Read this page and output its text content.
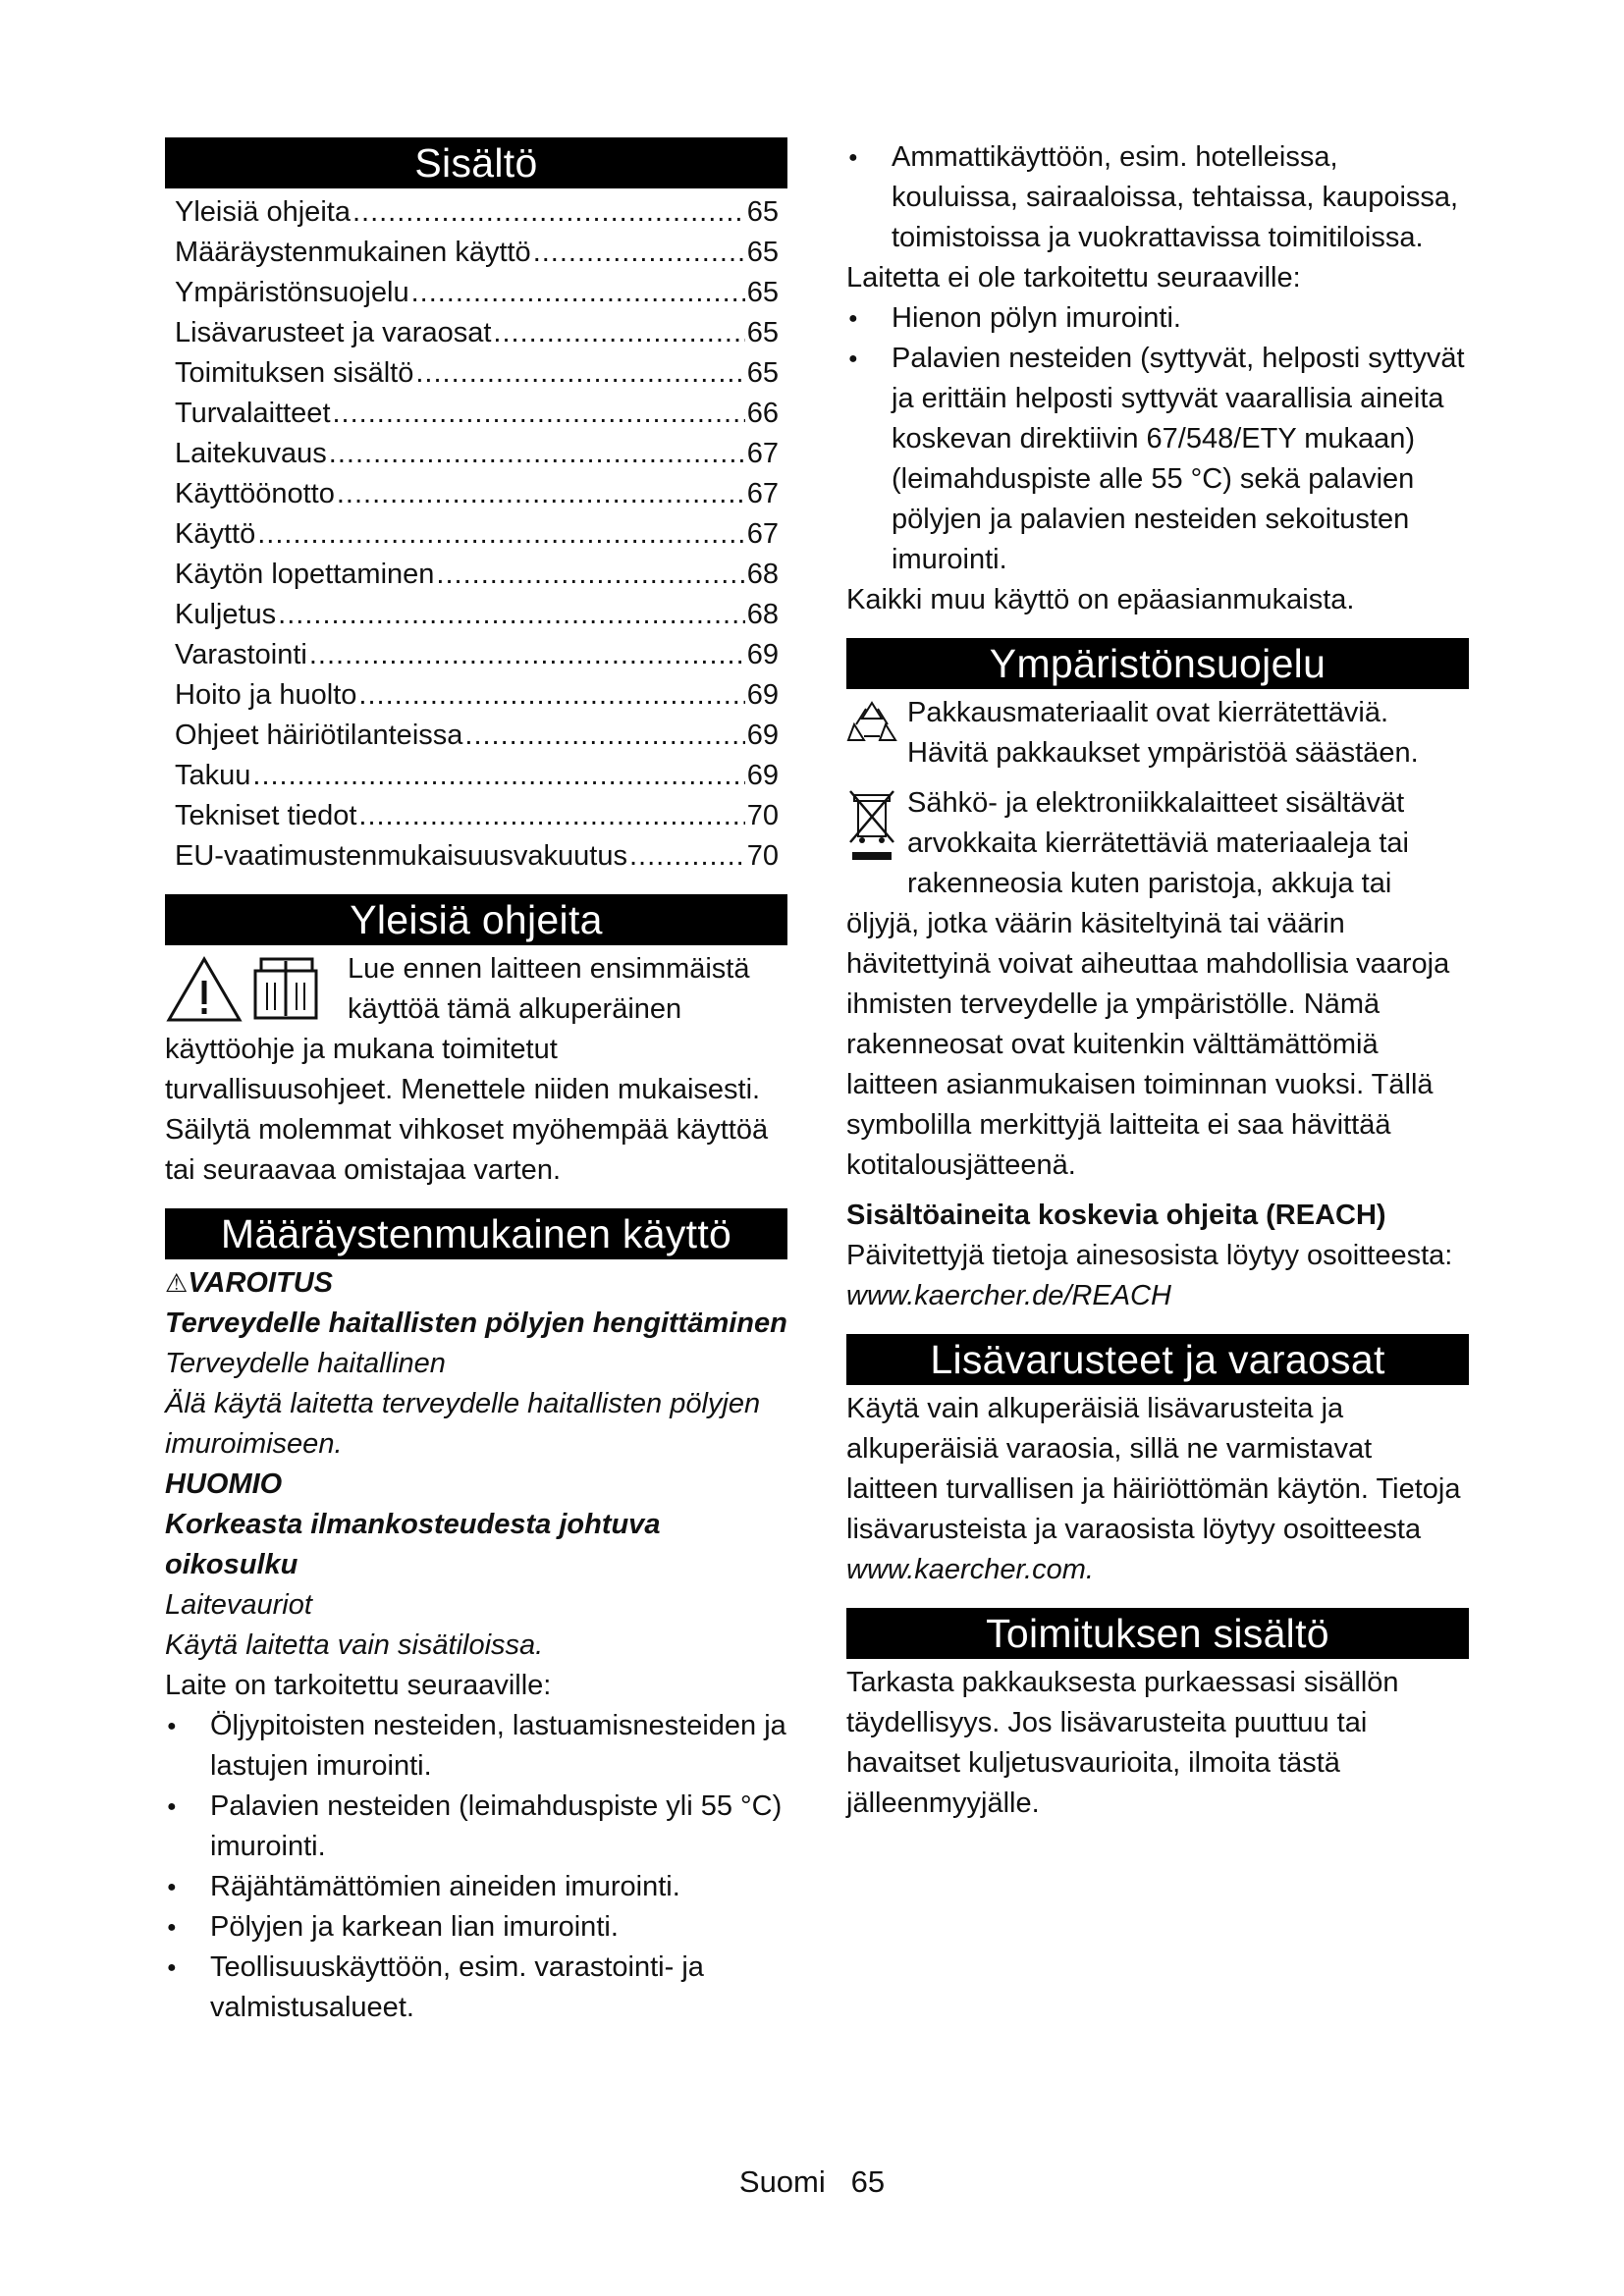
Sisältö
Yleisiä ohjeita .....	65
Määräystenmukainen käyttö .....	65
Ympäristönsuojelu .....	65
Lisävarusteet ja varaosat .....	65
Toimituksen sisältö .....	65
Turvalaitteet .....	66
Laitekuvaus .....	67
Käyttöönotto .....	67
Käyttö .....	67
Käytön lopettaminen .....	68
Kuljetus .....	68
Varastointi .....	69
Hoito ja huolto .....	69
Ohjeet häiriötilanteissa .....	69
Takuu .....	69
Tekniset tiedot .....	70
EU-vaatimustenmukaisuusvakuutus .....	70
Yleisiä ohjeita

Lue ennen laitteen ensimmäistä käyttöä tämä alkuperäinen käyttöohje ja mukana toimitetut turvallisuusohjeet. Menettele niiden mukaisesti. Säilytä molemmat vihkoset myöhempää käyttöä tai seuraavaa omistajaa varten.

Määräystenmukainen käyttö

⚠VAROITUS

Terveydelle haitallisten pölyjen hengittäminen

Terveydelle haitallinen

Älä käytä laitetta terveydelle haitallisten pölyjen imuroimiseen.

HUOMIO

Korkeasta ilmankosteudesta johtuva oikosulku

Laitevauriot

Käytä laitetta vain sisätiloissa.

Laite on tarkoitettu seuraaville:

● Öljypitoisten nesteiden, lastuamisnesteiden ja lastujen imurointi.
● Palavien nesteiden (leimahduspiste yli 55 °C) imurointi.
● Räjähtämättömien aineiden imurointi.
● Pölyjen ja karkean lian imurointi.
● Teollisuuskäyttöön, esim. varastointi- ja valmistusalueet.
● Ammattikäyttöön, esim. hotelleissa, kouluissa, sairaaloissa, tehtaissa, kaupoissa, toimistoissa ja vuokrattavissa toimitiloissa.

Laitetta ei ole tarkoitettu seuraaville:

● Hienon pölyn imurointi.
● Palavien nesteiden (syttyvät, helposti syttyvät ja erittäin helposti syttyvät vaarallisia aineita koskevan direktiivin 67/548/ETY mukaan) (leimahduspiste alle 55 °C) sekä palavien pölyjen ja palavien nesteiden sekoitusten imurointi.

Kaikki muu käyttö on epäasianmukaista.

Ympäristönsuojelu

Pakkausmateriaalit ovat kierrätettäviä. Hävitä pakkaukset ympäristöä säästäen.

Sähkö- ja elektroniikkalaitteet sisältävät arvokkaita kierrätettäviä materiaaleja tai rakenneosia kuten paristoja, akkuja tai öljyjä, jotka väärin käsiteltyinä tai väärin hävitettyinä voivat aiheuttaa mahdollisia vaaroja ihmisten terveydelle ja ympäristölle. Nämä rakenneosat ovat kuitenkin välttämättömiä laitteen asianmukaisen toiminnan vuoksi. Tällä symbolilla merkittyjä laitteita ei saa hävittää kotitalousjätteenä.

Sisältöaineita koskevia ohjeita (REACH)

Päivitettyjä tietoja ainesosista löytyy osoitteesta: www.kaercher.de/REACH

Lisävarusteet ja varaosat

Käytä vain alkuperäisiä lisävarusteita ja alkuperäisiä varaosia, sillä ne varmistavat laitteen turvallisen ja häiriöttömän käytön. Tietoja lisävarusteista ja varaosista löytyy osoitteesta www.kaercher.com.

Toimituksen sisältö

Tarkasta pakkauksesta purkaessasi sisällön täydellisyys. Jos lisävarusteita puuttuu tai havaitset kuljetusvaurioita, ilmoita tästä jälleenmyyjälle.

Suomi 65
